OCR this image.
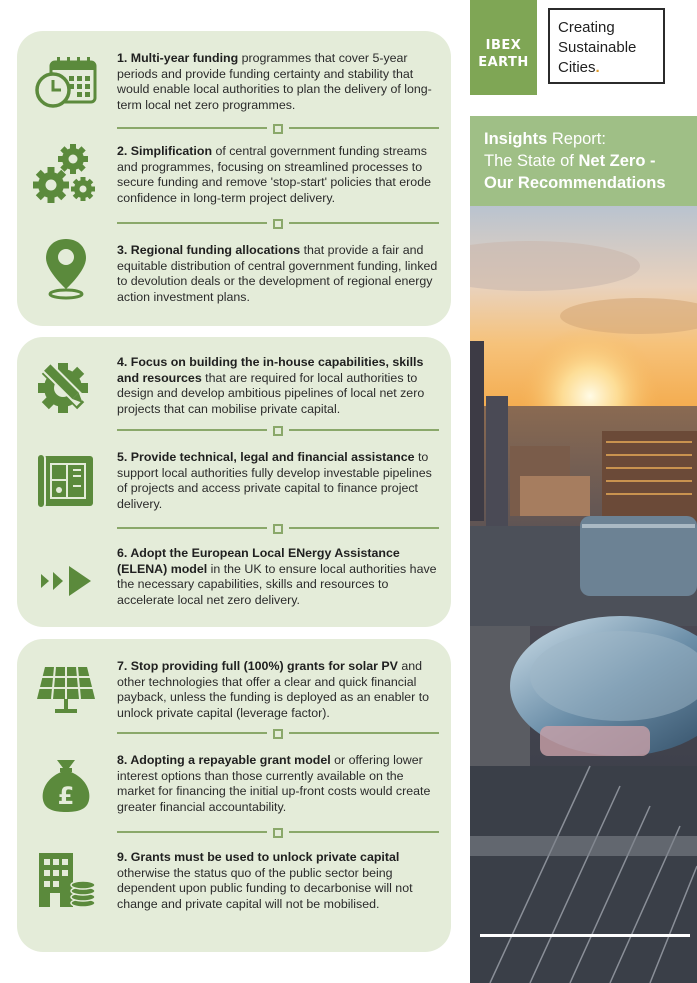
1. Multi-year funding programmes that cover 5-year periods and provide funding certainty and stability that would enable local authorities to plan the delivery of long-term local net zero programmes.
2. Simplification of central government funding streams and programmes, focusing on streamlined processes to secure funding and remove 'stop-start' policies that erode confidence in long-term project delivery.
3. Regional funding allocations that provide a fair and equitable distribution of central government funding, linked to devolution deals or the development of regional energy action investment plans.
4. Focus on building the in-house capabilities, skills and resources that are required for local authorities to design and develop ambitious pipelines of local net zero projects that can mobilise private capital.
5. Provide technical, legal and financial assistance to support local authorities fully develop investable pipelines of projects and access private capital to finance project delivery.
6. Adopt the European Local ENergy Assistance (ELENA) model in the UK to ensure local authorities have the necessary capabilities, skills and resources to accelerate local net zero delivery.
7. Stop providing full (100%) grants for solar PV and other technologies that offer a clear and quick financial payback, unless the funding is deployed as an enabler to unlock private capital (leverage factor).
£
8. Adopting a repayable grant model or offering lower interest options than those currently available on the market for financing the initial up-front costs would create greater financial accountability.
9. Grants must be used to unlock private capital otherwise the status quo of the public sector being dependent upon public funding to decarbonise will not change and private capital will not be mobilised.
IBEX
EARTH
Creating
Sustainable
Cities.
Insights Report:
The State of Net Zero -
Our Recommendations
